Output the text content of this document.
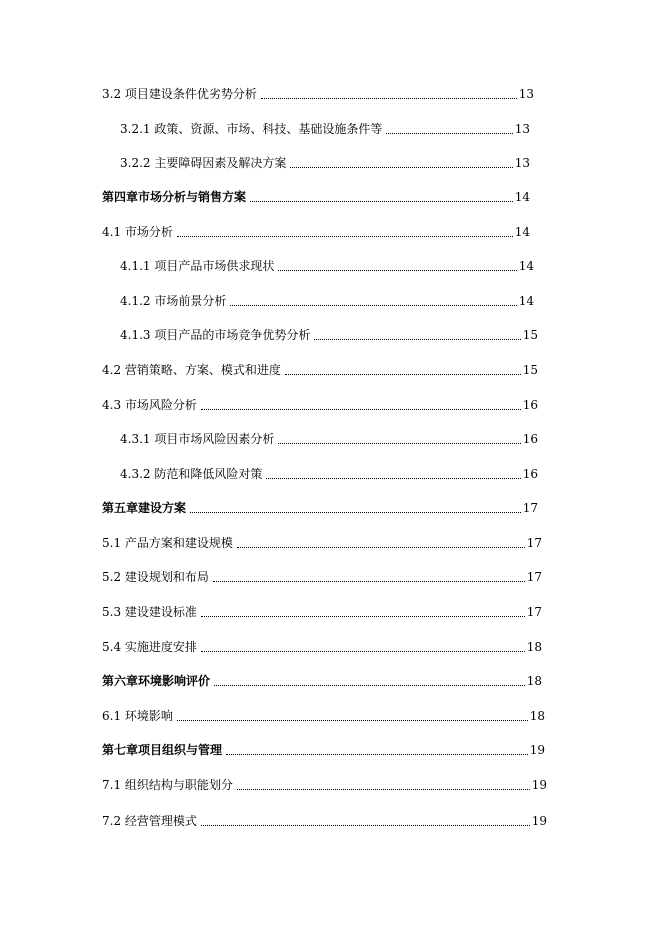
3.2 项目建设条件优劣势分析	13
3.2.1 政策、资源、市场、科技、基础设施条件等	13
3.2.2 主要障碍因素及解决方案	13
第四章市场分析与销售方案	14
4.1 市场分析	14
4.1.1 项目产品市场供求现状	14
4.1.2 市场前景分析	14
4.1.3 项目产品的市场竞争优势分析	15
4.2 营销策略、方案、模式和进度	15
4.3 市场风险分析	16
4.3.1 项目市场风险因素分析	16
4.3.2 防范和降低风险对策	16
第五章建设方案	17
5.1 产品方案和建设规模	17
5.2 建设规划和布局	17
5.3 建设建设标准	17
5.4 实施进度安排	18
第六章环境影响评价	18
6.1 环境影响	18
第七章项目组织与管理	19
7.1 组织结构与职能划分	19
7.2 经营管理模式	19
